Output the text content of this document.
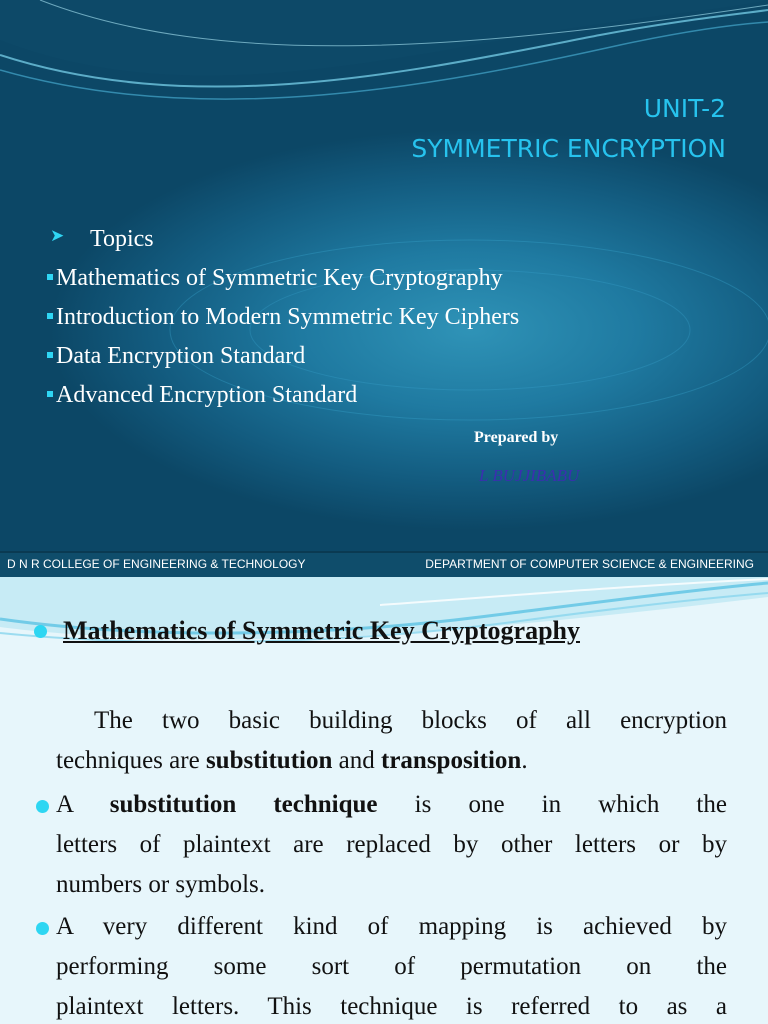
UNIT-2
SYMMETRIC ENCRYPTION
➤ Topics
Mathematics of Symmetric Key Cryptography
Introduction to Modern Symmetric Key Ciphers
Data Encryption Standard
Advanced Encryption Standard
Prepared by
L BUJJIBABU
D N R COLLEGE OF ENGINEERING & TECHNOLOGY	DEPARTMENT OF COMPUTER SCIENCE & ENGINEERING
Mathematics of Symmetric Key Cryptography
The two basic building blocks of all encryption
techniques are substitution and transposition.
A substitution technique is one in which the
letters of plaintext are replaced by other letters or by
numbers or symbols.
A very different kind of mapping is achieved by
performing some sort of permutation on the
plaintext letters. This technique is referred to as a
